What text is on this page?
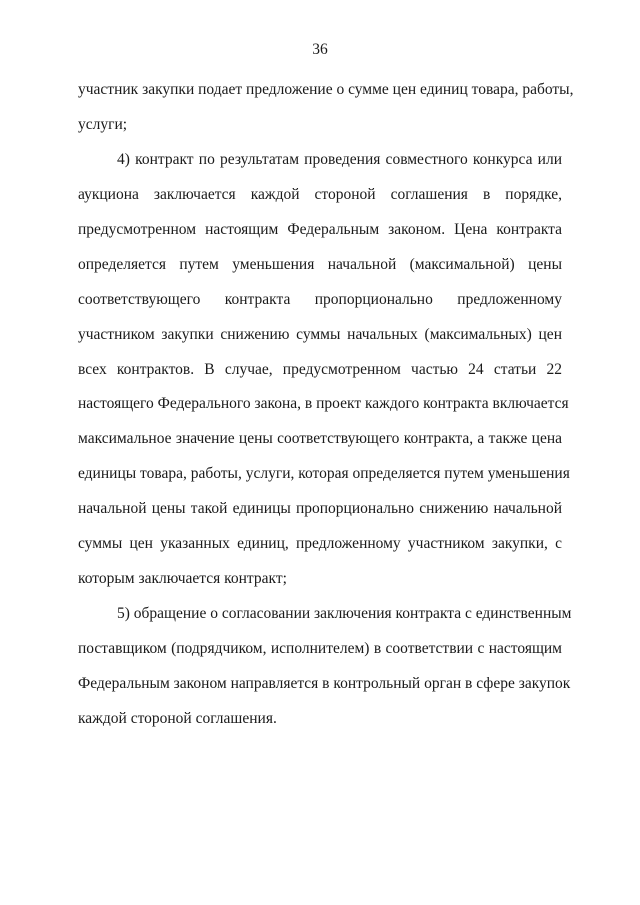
36
участник закупки подает предложение о сумме цен единиц товара, работы,
услуги;
4) контракт по результатам проведения совместного конкурса или
аукциона заключается каждой стороной соглашения в порядке,
предусмотренном настоящим Федеральным законом. Цена контракта
определяется путем уменьшения начальной (максимальной) цены
соответствующего контракта пропорционально предложенному
участником закупки снижению суммы начальных (максимальных) цен
всех контрактов. В случае, предусмотренном частью 24 статьи 22
настоящего Федерального закона, в проект каждого контракта включается
максимальное значение цены соответствующего контракта, а также цена
единицы товара, работы, услуги, которая определяется путем уменьшения
начальной цены такой единицы пропорционально снижению начальной
суммы цен указанных единиц, предложенному участником закупки, с
которым заключается контракт;
5) обращение о согласовании заключения контракта с единственным
поставщиком (подрядчиком, исполнителем) в соответствии с настоящим
Федеральным законом направляется в контрольный орган в сфере закупок
каждой стороной соглашения.
